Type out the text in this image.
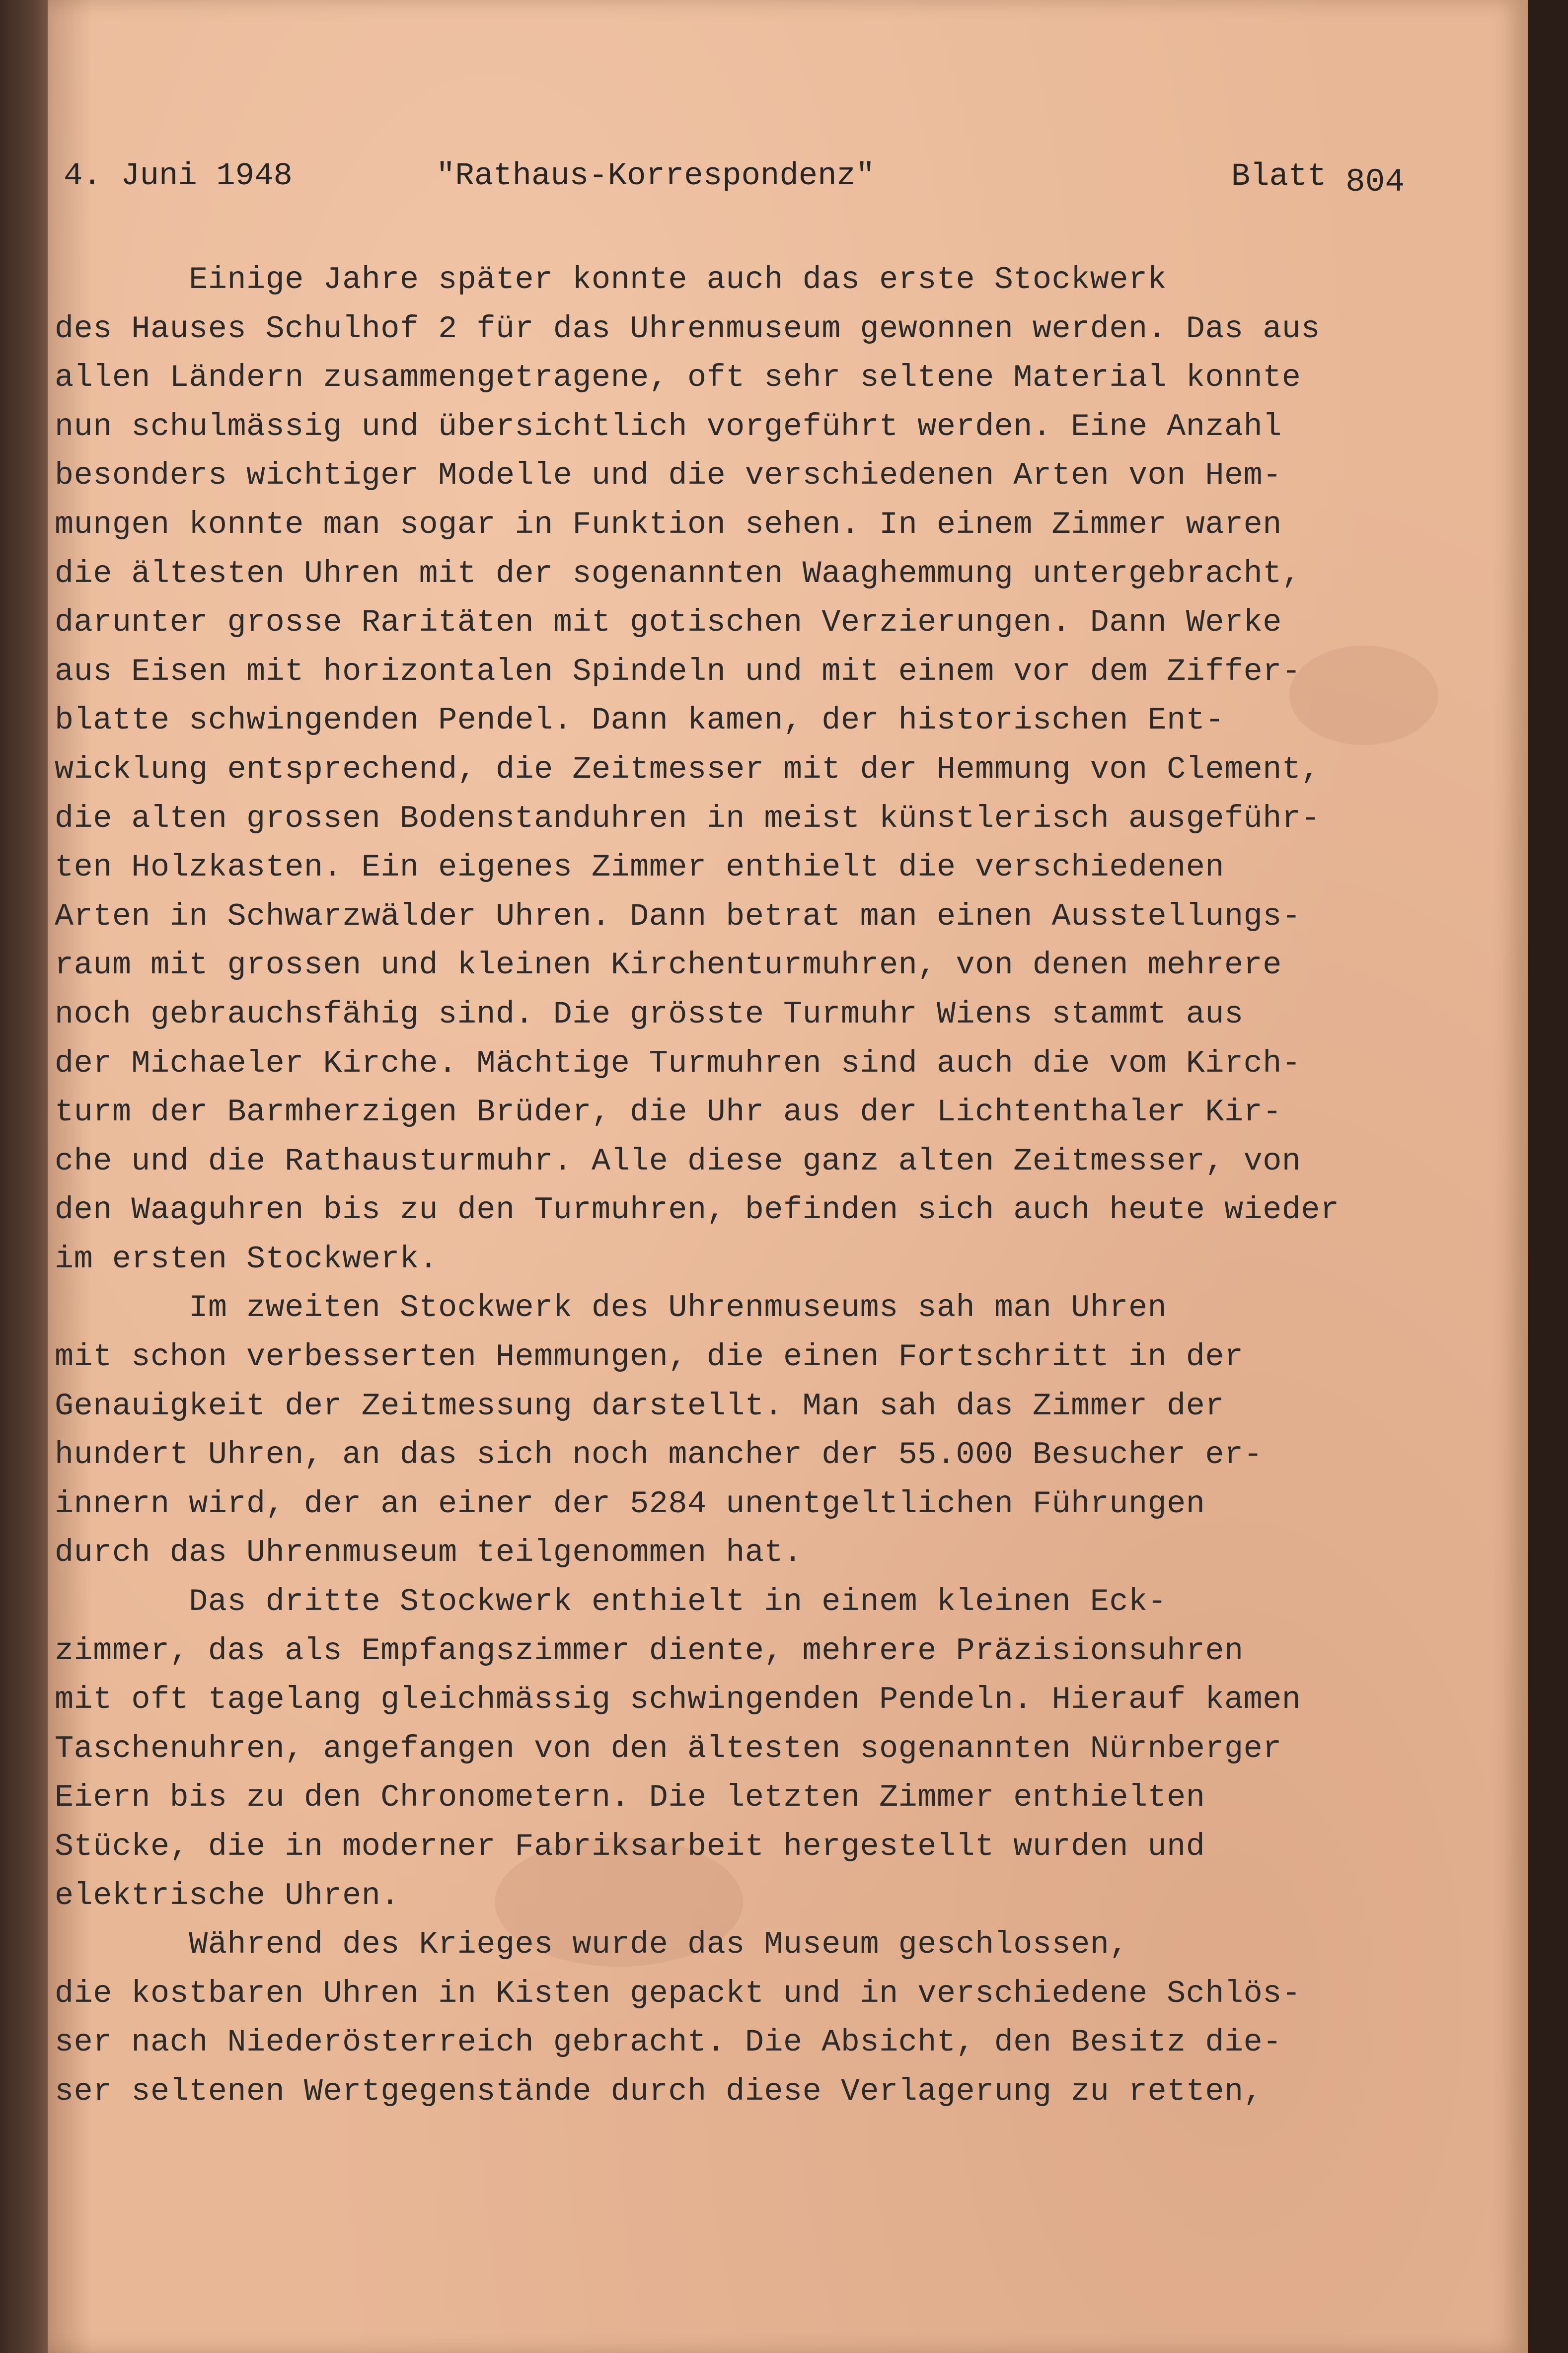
4. Juni 1948	"Rathaus-Korrespondenz"	Blatt 804
Einige Jahre später konnte auch das erste Stockwerk
des Hauses Schulhof 2 für das Uhrenmuseum gewonnen werden. Das aus
allen Ländern zusammengetragene, oft sehr seltene Material konnte
nun schulmässig und übersichtlich vorgeführt werden. Eine Anzahl
besonders wichtiger Modelle und die verschiedenen Arten von Hem-
mungen konnte man sogar in Funktion sehen. In einem Zimmer waren
die ältesten Uhren mit der sogenannten Waaghemmung untergebracht,
darunter grosse Raritäten mit gotischen Verzierungen. Dann Werke
aus Eisen mit horizontalen Spindeln und mit einem vor dem Ziffer-
blatte schwingenden Pendel. Dann kamen, der historischen Ent-
wicklung entsprechend, die Zeitmesser mit der Hemmung von Clement,
die alten grossen Bodenstanduhren in meist künstlerisch ausgeführ-
ten Holzkasten. Ein eigenes Zimmer enthielt die verschiedenen
Arten in Schwarzwälder Uhren. Dann betrat man einen Ausstellungs-
raum mit grossen und kleinen Kirchenturmuhren, von denen mehrere
noch gebrauchsfähig sind. Die grösste Turmuhr Wiens stammt aus
der Michaeler Kirche. Mächtige Turmuhren sind auch die vom Kirch-
turm der Barmherzigen Brüder, die Uhr aus der Lichtenthaler Kir-
che und die Rathausturmuhr. Alle diese ganz alten Zeitmesser, von
den Waaguhren bis zu den Turmuhren, befinden sich auch heute wieder
im ersten Stockwerk.
Im zweiten Stockwerk des Uhrenmuseums sah man Uhren
mit schon verbesserten Hemmungen, die einen Fortschritt in der
Genauigkeit der Zeitmessung darstellt. Man sah das Zimmer der
hundert Uhren, an das sich noch mancher der 55.000 Besucher er-
innern wird, der an einer der 5284 unentgeltlichen Führungen
durch das Uhrenmuseum teilgenommen hat.
Das dritte Stockwerk enthielt in einem kleinen Eck-
zimmer, das als Empfangszimmer diente, mehrere Präzisionsuhren
mit oft tagelang gleichmässig schwingenden Pendeln. Hierauf kamen
Taschenuhren, angefangen von den ältesten sogenannten Nürnberger
Eiern bis zu den Chronometern. Die letzten Zimmer enthielten
Stücke, die in moderner Fabriksarbeit hergestellt wurden und
elektrische Uhren.
Während des Krieges wurde das Museum geschlossen,
die kostbaren Uhren in Kisten gepackt und in verschiedene Schlös-
ser nach Niederösterreich gebracht. Die Absicht, den Besitz die-
ser seltenen Wertgegenstände durch diese Verlagerung zu retten,
